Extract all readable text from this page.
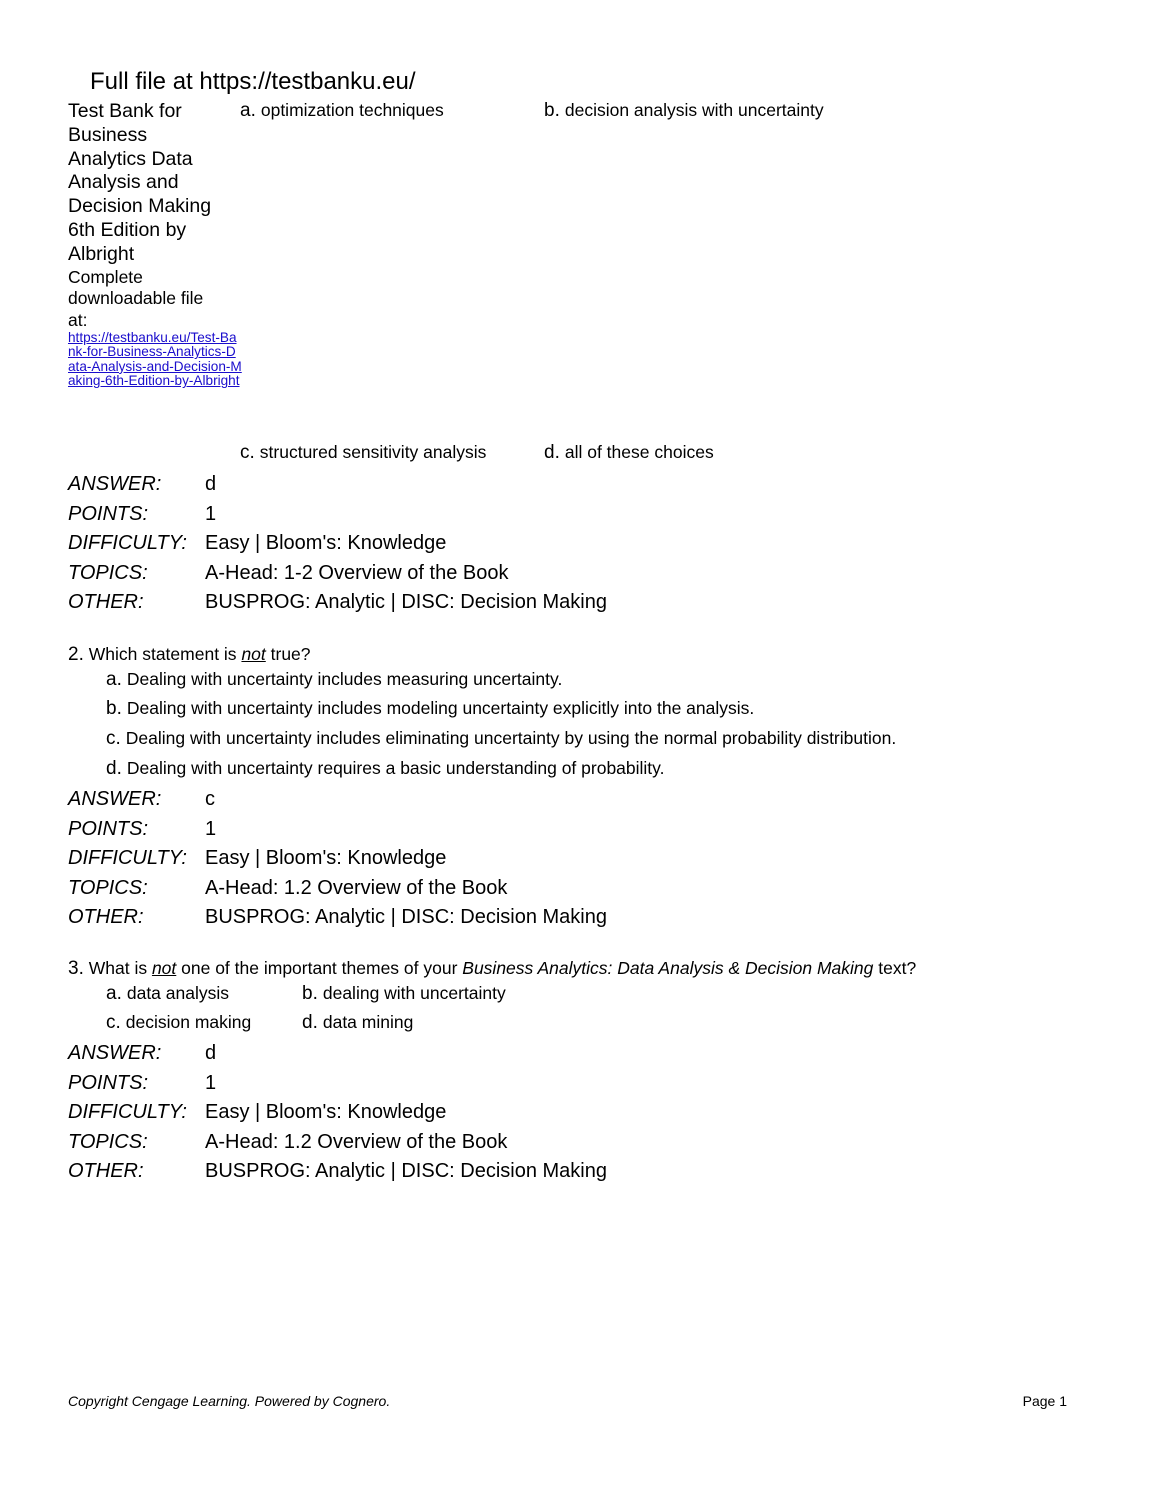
Full file at https://testbanku.eu/
Test Bank for
Business
Analytics Data
Analysis and
Decision Making
6th Edition by
Albright
Complete
downloadable file
at:
https://testbanku.eu/Test-Bank-for-Business-Analytics-Data-Analysis-and-Decision-Making-6th-Edition-by-Albright
a. optimization techniques	b. decision analysis with uncertainty
c. structured sensitivity analysis	d. all of these choices
ANSWER: d
POINTS:	1
DIFFICULTY: Easy | Bloom's: Knowledge
TOPICS:	A-Head: 1-2 Overview of the Book
OTHER:	BUSPROG: Analytic | DISC: Decision Making
2. Which statement is not true?
a. Dealing with uncertainty includes measuring uncertainty.
b. Dealing with uncertainty includes modeling uncertainty explicitly into the analysis.
c. Dealing with uncertainty includes eliminating uncertainty by using the normal probability distribution.
d. Dealing with uncertainty requires a basic understanding of probability.
ANSWER: c
POINTS:	1
DIFFICULTY: Easy | Bloom's: Knowledge
TOPICS:	A-Head: 1.2 Overview of the Book
OTHER:	BUSPROG: Analytic | DISC: Decision Making
3. What is not one of the important themes of your Business Analytics: Data Analysis & Decision Making text?
a. data analysis	b. dealing with uncertainty
c. decision making	d. data mining
ANSWER: d
POINTS:	1
DIFFICULTY: Easy | Bloom's: Knowledge
TOPICS:	A-Head: 1.2 Overview of the Book
OTHER:	BUSPROG: Analytic | DISC: Decision Making
Copyright Cengage Learning. Powered by Cognero.	Page 1
